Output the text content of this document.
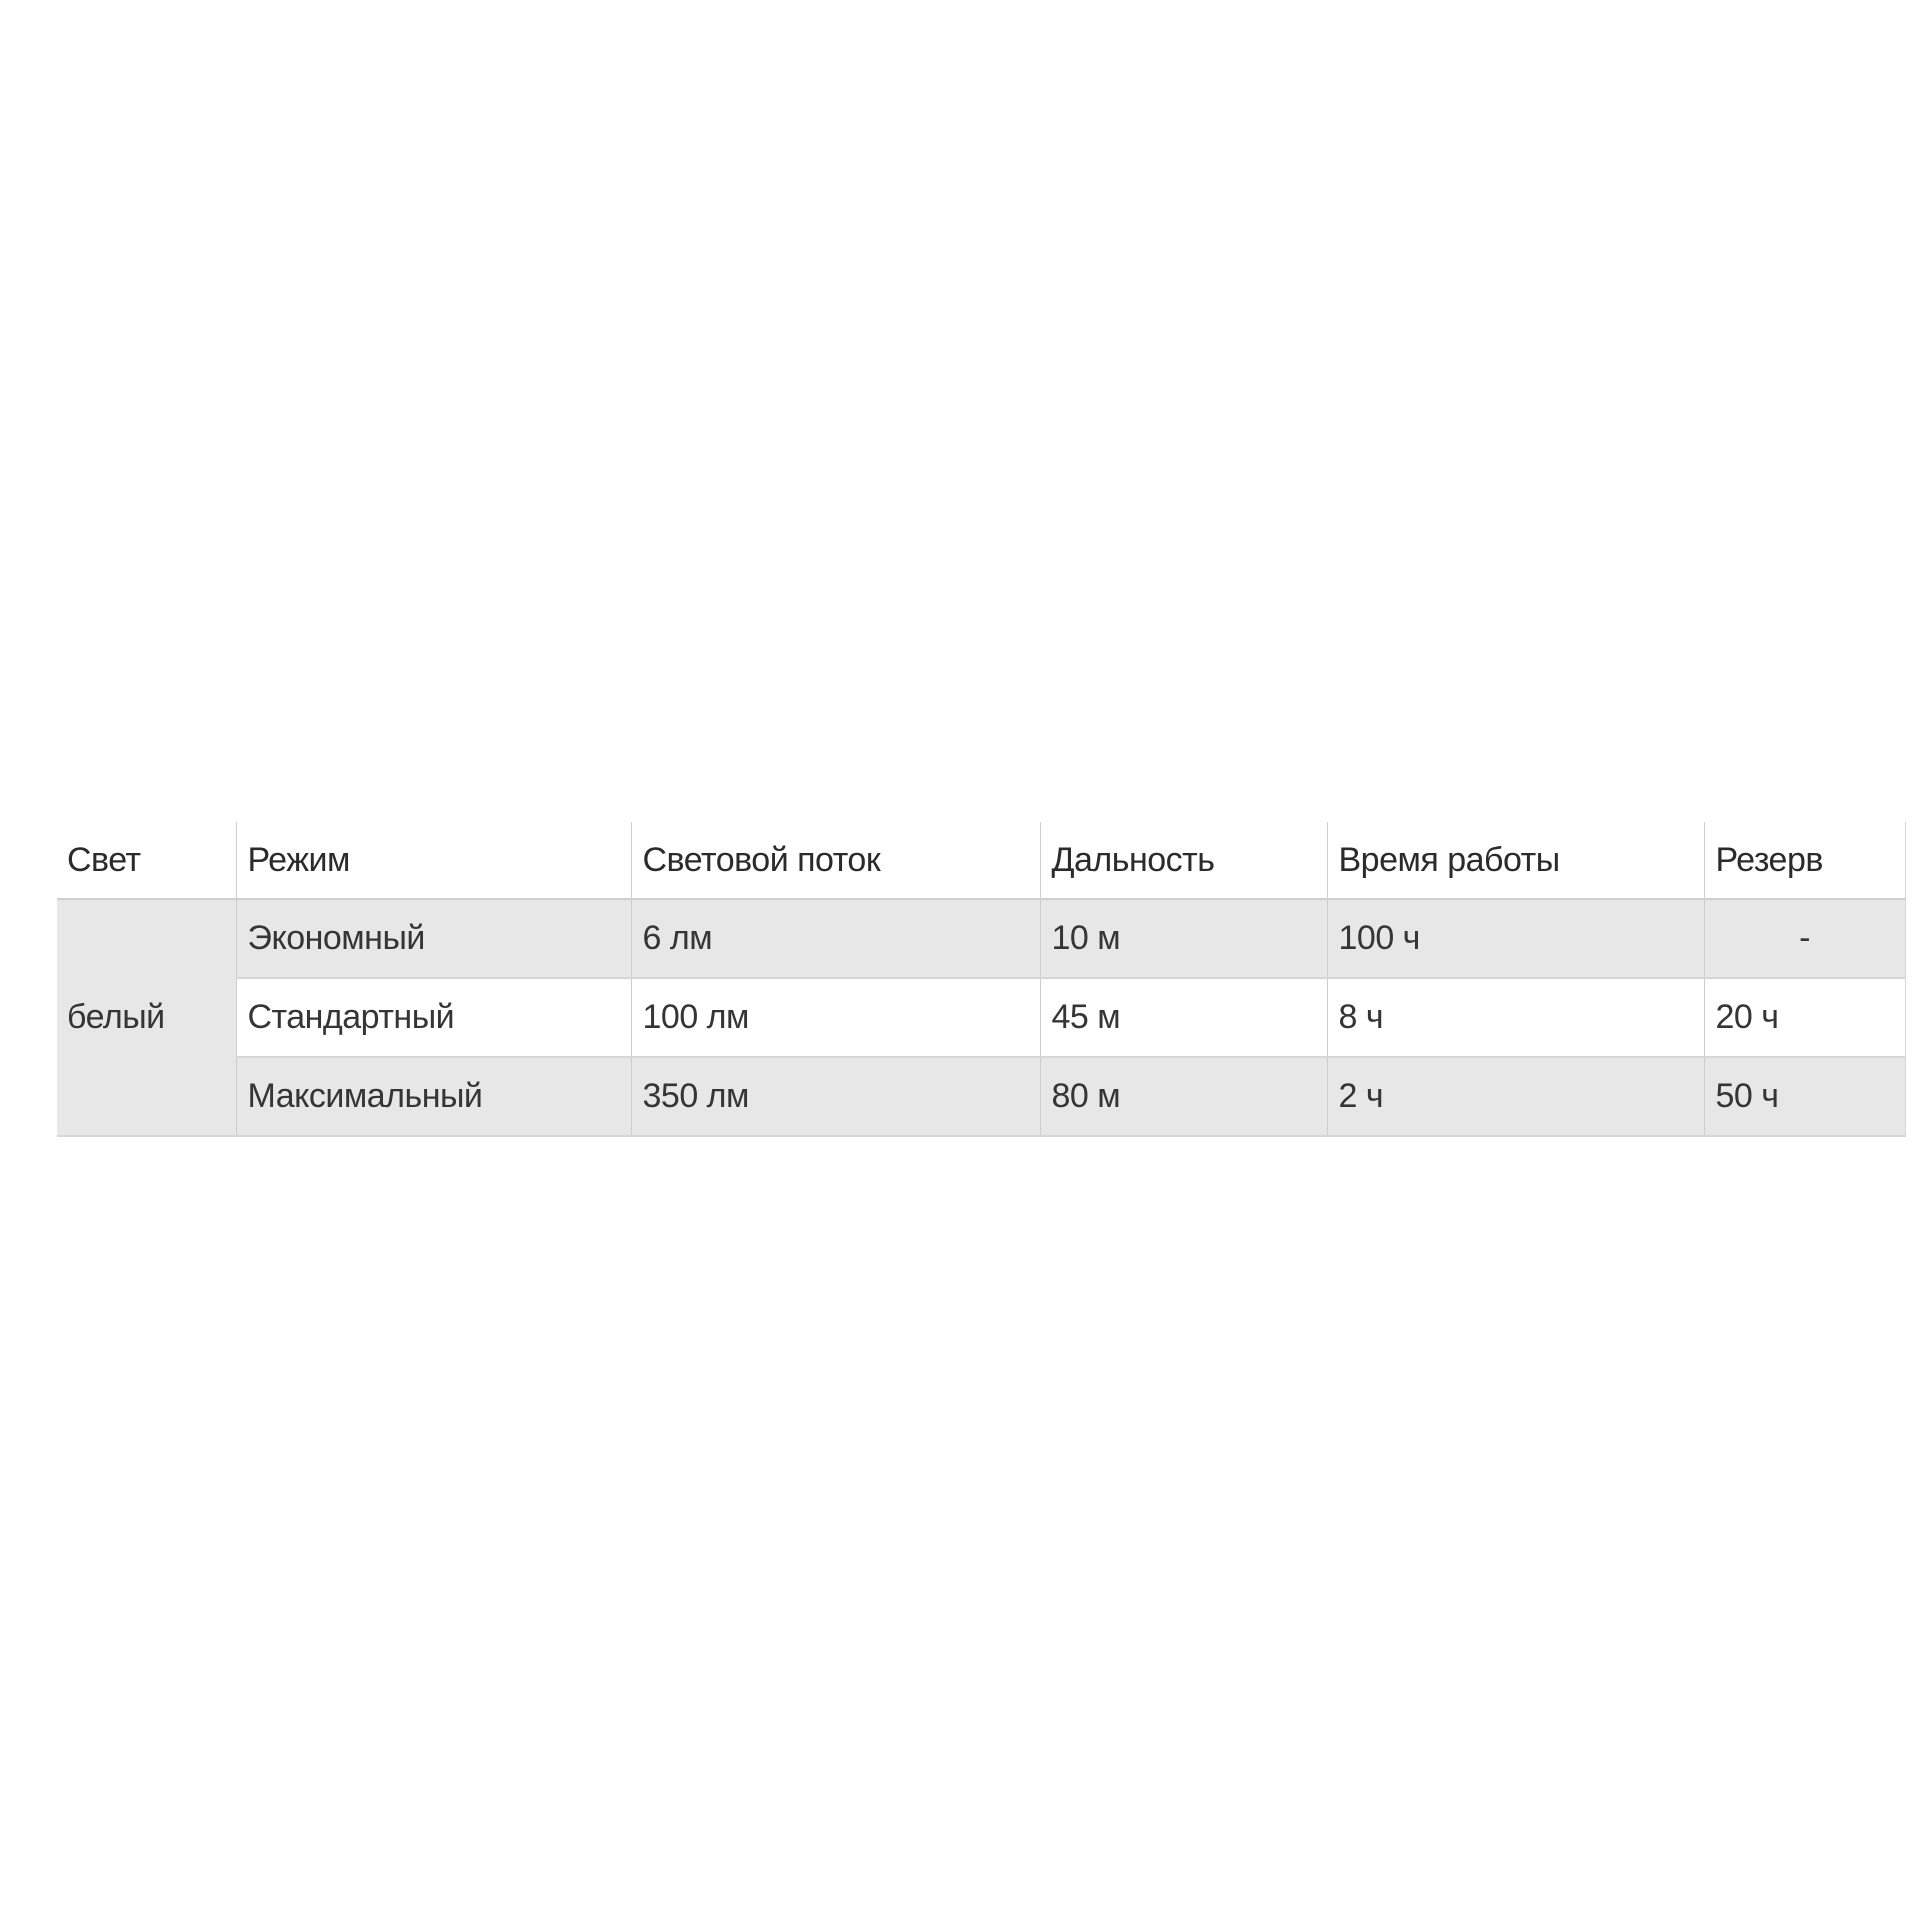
Свет	Режим	Световой поток	Дальность	Время работы	Резерв
белый	Экономный	6 лм	10 м	100 ч	-
	Стандартный	100 лм	45 м	8 ч	20 ч
	Максимальный	350 лм	80 м	2 ч	50 ч
